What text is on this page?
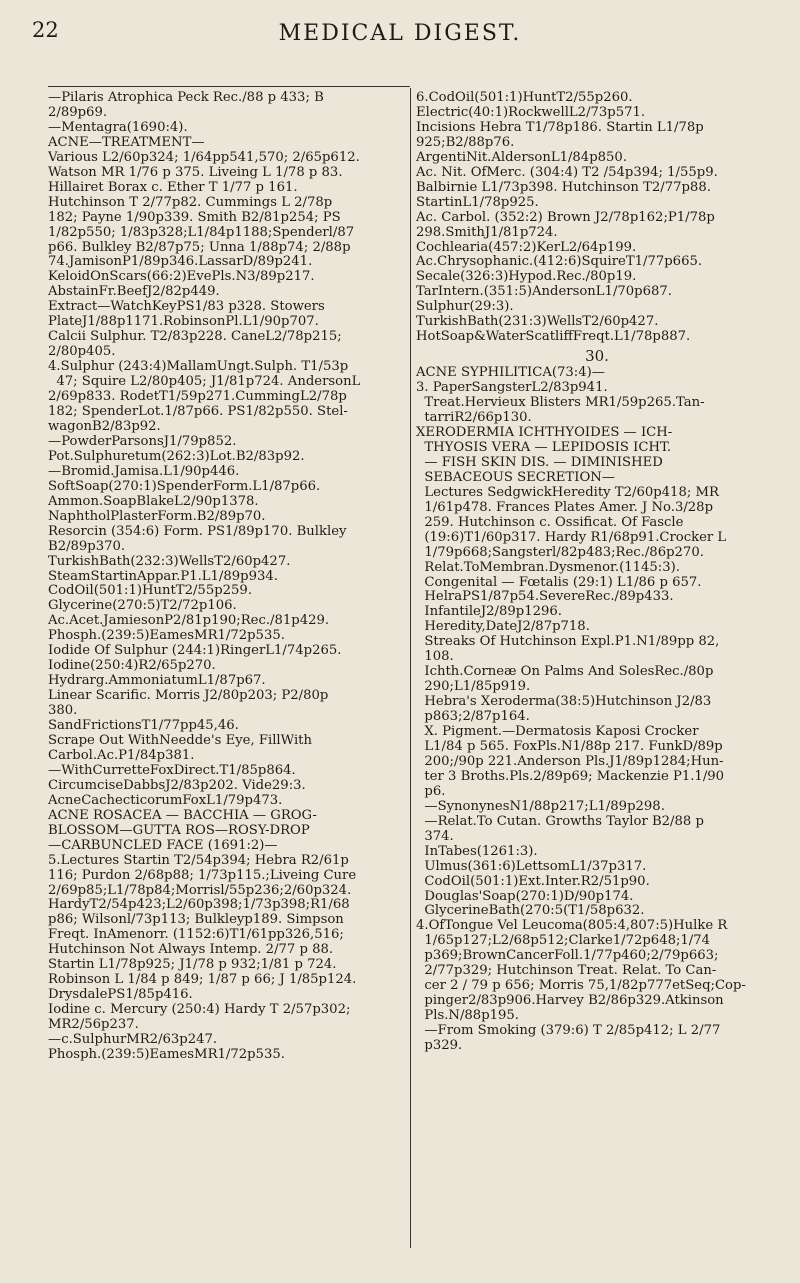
22	MEDICAL DIGEST.
—Pilaris Atrophica Peck Rec./88 p 433; B
2/89p69.
—Mentagra(1690:4).
ACNE—TREATMENT—
Various L2/60p324; 1/64pp541,570; 2/65p612.
Watson MR 1/76 p 375. Liveing L 1/78 p 83.
Hillairet Borax c. Ether T 1/77 p 161.
Hutchinson T 2/77p82. Cummings L 2/78p
182; Payne 1/90p339. Smith B2/81p254; PS
1/82p550; 1/83p328;L1/84p1188;Spenderl/87
p66. Bulkley B2/87p75; Unna 1/88p74; 2/88p
74.JamisonP1/89p346.LassarD/89p241.
KeloidOnScars(66:2)EvePls.N3/89p217.
AbstainFr.BeefJ2/82p449.
Extract—WatchKeyPS1/83 p328. Stowers
PlateJ1/88p1171.RobinsonPl.L1/90p707.
Calcii Sulphur. T2/83p228. CaneL2/78p215;
2/80p405.
4.Sulphur (243:4)MallamUngt.Sulph. T1/53p
47; Squire L2/80p405; J1/81p724. AndersonL
2/69p833. RodetT1/59p271.CummingL2/78p
182; SpenderLot.1/87p66. PS1/82p550. Stel-
wagonB2/83p92.
—PowderParsonsJ1/79p852.
Pot.Sulphuretum(262:3)Lot.B2/83p92.
—Bromid.Jamisa.L1/90p446.
SoftSoap(270:1)SpenderForm.L1/87p66.
Ammon.SoapBlakeL2/90p1378.
NaphtholPlasterForm.B2/89p70.
Resorcin (354:6) Form. PS1/89p170. Bulkley
B2/89p370.
TurkishBath(232:3)WellsT2/60p427.
SteamStartinAppar.P1.L1/89p934.
CodOil(501:1)HuntT2/55p259.
Glycerine(270:5)T2/72p106.
Ac.Acet.JamiesonP2/81p190;Rec./81p429.
Phosph.(239:5)EamesMR1/72p535.
Iodide Of Sulphur (244:1)RingerL1/74p265.
Iodine(250:4)R2/65p270.
Hydrarg.AmmoniatumL1/87p67.
Linear Scarific. Morris J2/80p203; P2/80p
380.
SandFrictionsT1/77pp45,46.
Scrape Out WithNeedde's Eye, FillWith
Carbol.Ac.P1/84p381.
—WithCurretteFoxDirect.T1/85p864.
CircumciseDabbsJ2/83p202. Vide29:3.
AcneCachecticorumFoxL1/79p473.
ACNE ROSACEA — BACCHIA — GROG-
BLOSSOM—GUTTA ROS—ROSY-DROP
—CARBUNCLED FACE (1691:2)—
5.Lectures Startin T2/54p394; Hebra R2/61p
116; Purdon 2/68p88; 1/73p115.;Liveing Cure
2/69p85;L1/78p84;Morrisl/55p236;2/60p324.
HardyT2/54p423;L2/60p398;1/73p398;R1/68
p86; Wilsonl/73p113; Bulkleyp189. Simpson
Freqt. InAmenorr. (1152:6)T1/61pp326,516;
Hutchinson Not Always Intemp. 2/77 p 88.
Startin L1/78p925; J1/78 p 932;1/81 p 724.
Robinson L 1/84 p 849; 1/87 p 66; J 1/85p124.
DrysdalePS1/85p416.
Iodine c. Mercury (250:4) Hardy T 2/57p302;
MR2/56p237.
—c.SulphurMR2/63p247.
Phosph.(239:5)EamesMR1/72p535.
6.CodOil(501:1)HuntT2/55p260.
Electric(40:1)RockwellL2/73p571.
Incisions Hebra T1/78p186. Startin L1/78p
925;B2/88p76.
ArgentiNit.AldersonL1/84p850.
Ac. Nit. OfMerc. (304:4) T2 /54p394; 1/55p9.
Balbirnie L1/73p398. Hutchinson T2/77p88.
StartinL1/78p925.
Ac. Carbol. (352:2) Brown J2/78p162;P1/78p
298.SmithJ1/81p724.
Cochlearia(457:2)KerL2/64p199.
Ac.Chrysophanic.(412:6)SquireT1/77p665.
Secale(326:3)Hypod.Rec./80p19.
TarIntern.(351:5)AndersonL1/70p687.
Sulphur(29:3).
TurkishBath(231:3)WellsT2/60p427.
HotSoap&WaterScatliffFreqt.L1/78p887.
30.
ACNE SYPHILITICA(73:4)—
3. PaperSangsterL2/83p941.
Treat.Hervieux Blisters MR1/59p265.Tan-
tarriR2/66p130.
XERODERMIA ICHTHYOIDES — ICH-
THYOSIS VERA — LEPIDOSIS ICHT.
— FISH SKIN DIS. — DIMINISHED
SEBACEOUS SECRETION—
Lectures SedgwickHeredity T2/60p418; MR
1/61p478. Frances Plates Amer. J No.3/28p
259. Hutchinson c. Ossificat. Of Fascle
(19:6)T1/60p317. Hardy R1/68p91.Crocker L
1/79p668;Sangsterl/82p483;Rec./86p270.
Relat.ToMembran.Dysmenor.(1145:3).
Congenital — Fœtalis (29:1) L1/86 p 657.
HelraPS1/87p54.SevereRec./89p433.
InfantileJ2/89p1296.
Heredity,DateJ2/87p718.
Streaks Of Hutchinson Expl.P1.N1/89pp 82,
108.
Ichth.Corneæ On Palms And SolesRec./80p
290;L1/85p919.
Hebra's Xeroderma(38:5)Hutchinson J2/83
p863;2/87p164.
X. Pigment.—Dermatosis Kaposi Crocker
L1/84 p 565. FoxPls.N1/88p 217. FunkD/89p
200;/90p 221.Anderson Pls.J1/89p1284;Hun-
ter 3 Broths.Pls.2/89p69; Mackenzie P1.1/90
p6.
—SynonynesN1/88p217;L1/89p298.
—Relat.To Cutan. Growths Taylor B2/88 p
374.
InTabes(1261:3).
Ulmus(361:6)LettsomL1/37p317.
CodOil(501:1)Ext.Inter.R2/51p90.
Douglas'Soap(270:1)D/90p174.
GlycerineBath(270:5(T1/58p632.
4.OfTongue Vel Leucoma(805:4,807:5)Hulke R
1/65p127;L2/68p512;Clarke1/72p648;1/74
p369;BrownCancerFoll.1/77p460;2/79p663;
2/77p329; Hutchinson Treat. Relat. To Can-
cer 2 / 79 p 656; Morris 75,1/82p777etSeq;Cop-
pinger2/83p906.Harvey B2/86p329.Atkinson
Pls.N/88p195.
—From Smoking (379:6) T 2/85p412; L 2/77
p329.
